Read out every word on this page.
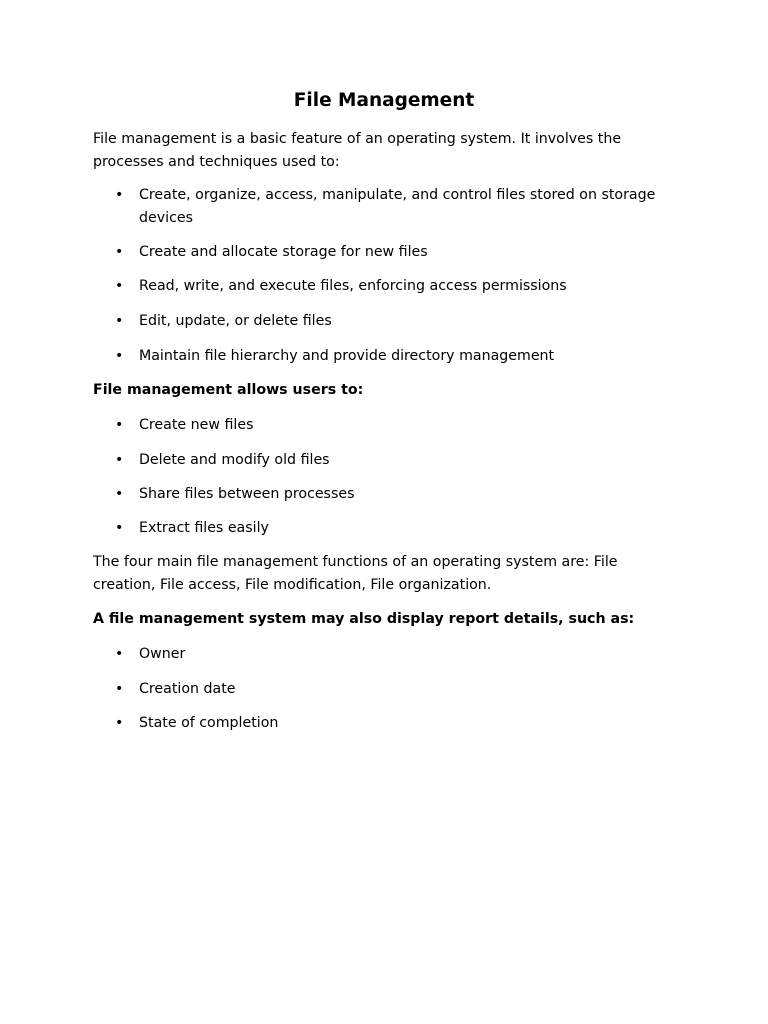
File Management
File management is a basic feature of an operating system. It involves the processes and techniques used to:
• Create, organize, access, manipulate, and control files stored on storage devices
• Create and allocate storage for new files
• Read, write, and execute files, enforcing access permissions
• Edit, update, or delete files
• Maintain file hierarchy and provide directory management
File management allows users to:
• Create new files
• Delete and modify old files
• Share files between processes
• Extract files easily
The four main file management functions of an operating system are: File creation, File access, File modification, File organization.
A file management system may also display report details, such as:
• Owner
• Creation date
• State of completion
